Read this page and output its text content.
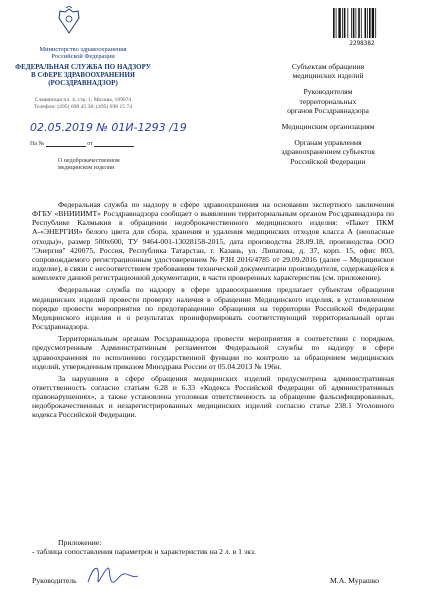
Министерство здравоохранения
Российской Федерации
ФЕДЕРАЛЬНАЯ СЛУЖБА ПО НАДЗОРУ
В СФЕРЕ ЗДРАВООХРАНЕНИЯ
(РОСЗДРАВНАДЗОР)
Славянская пл. 4, стр. 1, Москва, 109074
Телефон: (495) 698 45 38; (495) 698 15 74
02.05.2019 № 01И-1293 /19
На №	от
О недоброкачественном
медицинском изделии
2298382

Субъектам обращения
медицинских изделий

Руководителям
территориальных
органов Росздравнадзора

Медицинским организациям

Органам управления
здравоохранением субъектов
Российской Федерации

Федеральная служба по надзору в сфере здравоохранения на основании экспертного заключения ФГБУ «ВНИИИМТ» Росздравнадзора сообщает о выявлении территориальным органом Росздравнадзора по Республике Калмыкия в обращении недоброкачественного медицинского изделия: «Пакет ПКМ А-«ЭНЕРГИЯ» белого цвета для сбора, хранения и удаления медицинских отходов класса А (неопасные отходы)», размер 500х600, ТУ 9464-001-13028158-2015, дата производства 28.09.18, производства ООО "Энергия" 420075, Россия, Республика Татарстан, г. Казань, ул. Липатова, д. 37, корп. 15, офис 803, сопровождаемого регистрационным удостоверением № РЗН 2016/4785 от 29.09.2016 (далее – Медицинское изделие), в связи с несоответствием требованиям технической документации производителя, содержащейся в комплекте данной регистрационной документации, в части проверенных характеристик (см. приложение).

Федеральная служба по надзору в сфере здравоохранения предлагает субъектам обращения медицинских изделий провести проверку наличия в обращении Медицинского изделия, в установленном порядке провести мероприятия по предотвращению обращения на территории Российской Федерации Медицинского изделия и о результатах проинформировать соответствующий территориальный орган Росздравнадзора.

Территориальным органам Росздравнадзора провести мероприятия в соответствии с порядком, предусмотренным Административным регламентом Федеральной службы по надзору в сфере здравоохранения по исполнению государственной функции по контролю за обращением медицинских изделий, утвержденным приказом Минздрава России от 05.04.2013 № 196н.

За нарушения в сфере обращения медицинских изделий предусмотрена административная ответственность согласно статьям 6.28 и 6.33 «Кодекса Российской Федерации об административных правонарушениях», а также установлена уголовная ответственность за обращение фальсифицированных, недоброкачественных и незарегистрированных медицинских изделий согласно статье 238.1 Уголовного кодекса Российской Федерации.

Приложение:

- таблица сопоставления параметров и характеристик на 2 л. в 1 экз.

Руководитель	М.А. Мурашко
